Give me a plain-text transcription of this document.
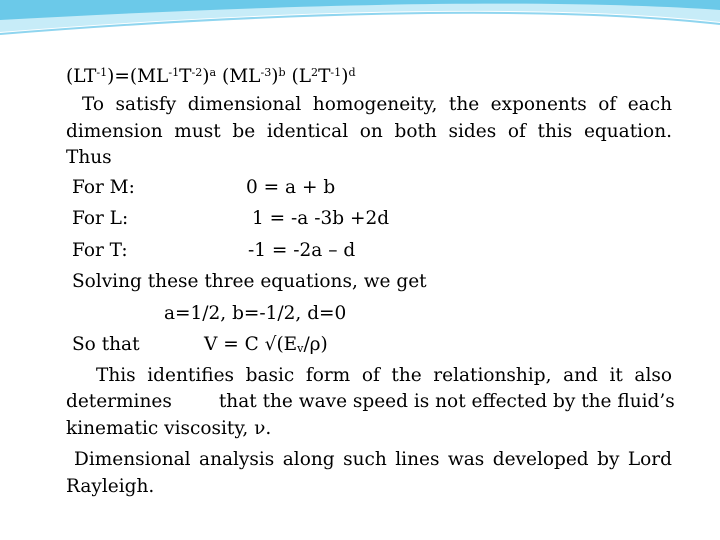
$(LT^{-1})=(ML^{-1}T^{-2})^a$ $(ML^{-3})^b$ $(L^2T^{-1})^d$
To satisfy dimensional homogeneity, the exponents of each
dimension must be identical on both sides of this equation.
Thus
For M:	0 = a + b
For L:	1 = -a -3b +2d
For T:	-1 = -2a – d
Solving these three equations, we get
a=1/2, b=-1/2, d=0
So that	V = C $√(E_v/\rho)$
This identifies basic form of the relationship, and it also
determines        that the wave speed is not effected by the fluid’s
kinematic viscosity, ν.
Dimensional analysis along such lines was developed by Lord
Rayleigh.
